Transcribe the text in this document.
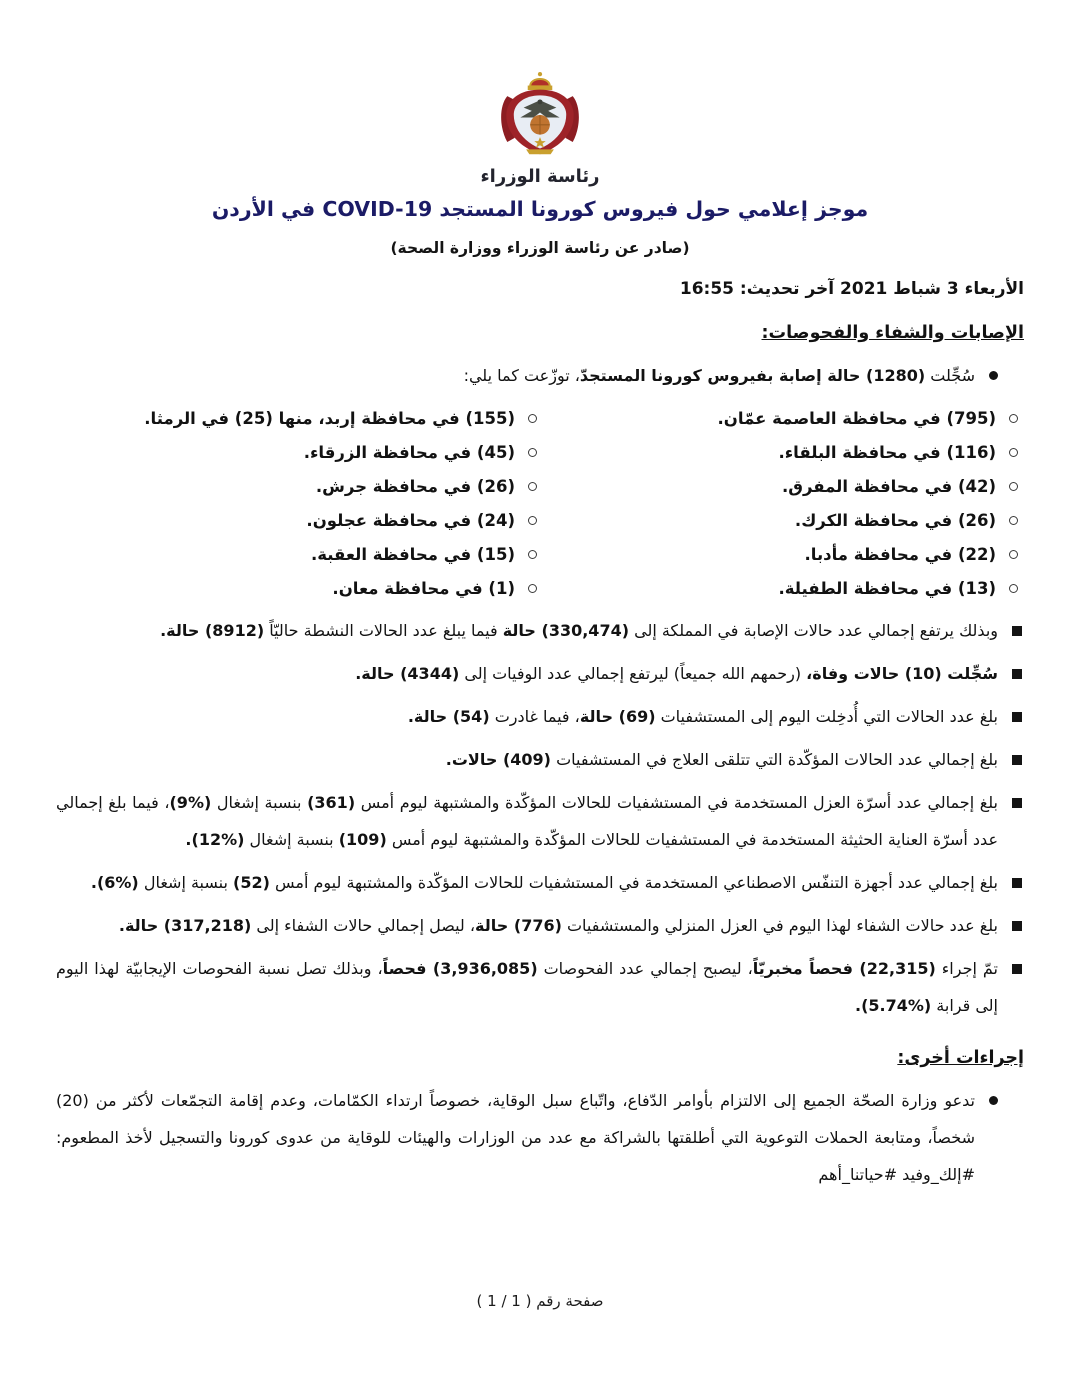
رئاسة الوزراء
موجز إعلامي حول فيروس كورونا المستجد COVID-19 في الأردن
(صادر عن رئاسة الوزراء ووزارة الصحة)
الأربعاء 3 شباط 2021 آخر تحديث: 16:55
الإصابات والشفاء والفحوصات:

سُجِّلت (1280) حالة إصابة بفيروس كورونا المستجدّ، توزّعت كما يلي:

(795) في محافظة العاصمة عمّان.
(116) في محافظة البلقاء.
(42) في محافظة المفرق.
(26) في محافظة الكرك.
(22) في محافظة مأدبا.
(13) في محافظة الطفيلة.
(155) في محافظة إربد، منها (25) في الرمثا.
(45) في محافظة الزرقاء.
(26) في محافظة جرش.
(24) في محافظة عجلون.
(15) في محافظة العقبة.
(1) في محافظة معان.

وبذلك يرتفع إجمالي عدد حالات الإصابة في المملكة إلى (330,474) حالة فيما يبلغ عدد الحالات النشطة حاليّاً (8912) حالة.

سُجِّلت (10) حالات وفاة، (رحمهم الله جميعاً) ليرتفع إجمالي عدد الوفيات إلى (4344) حالة.

بلغ عدد الحالات التي أُدخِلت اليوم إلى المستشفيات (69) حالة، فيما غادرت (54) حالة.

بلغ إجمالي عدد الحالات المؤكّدة التي تتلقى العلاج في المستشفيات (409) حالات.

بلغ إجمالي عدد أسرّة العزل المستخدمة في المستشفيات للحالات المؤكّدة والمشتبهة ليوم أمس (361) بنسبة إشغال (%9)، فيما بلغ إجمالي عدد أسرّة العناية الحثيثة المستخدمة في المستشفيات للحالات المؤكّدة والمشتبهة ليوم أمس (109) بنسبة إشغال (%12).

بلغ إجمالي عدد أجهزة التنفّس الاصطناعي المستخدمة في المستشفيات للحالات المؤكّدة والمشتبهة ليوم أمس (52) بنسبة إشغال (%6).

بلغ عدد حالات الشفاء لهذا اليوم في العزل المنزلي والمستشفيات (776) حالة، ليصل إجمالي حالات الشفاء إلى (317,218) حالة.

تمّ إجراء (22,315) فحصاً مخبريّاً، ليصبح إجمالي عدد الفحوصات (3,936,085) فحصاً، وبذلك تصل نسبة الفحوصات الإيجابيّة لهذا اليوم إلى قرابة (%5.74).

إجراءات أخرى:

تدعو وزارة الصحّة الجميع إلى الالتزام بأوامر الدّفاع، واتّباع سبل الوقاية، خصوصاً ارتداء الكمّامات، وعدم إقامة التجمّعات لأكثر من (20) شخصاً، ومتابعة الحملات التوعوية التي أطلقتها بالشراكة مع عدد من الوزارات والهيئات للوقاية من عدوى كورونا والتسجيل لأخذ المطعوم: #إلك_وفيد #حياتنا_أهم

صفحة رقم ( 1 / 1 )
